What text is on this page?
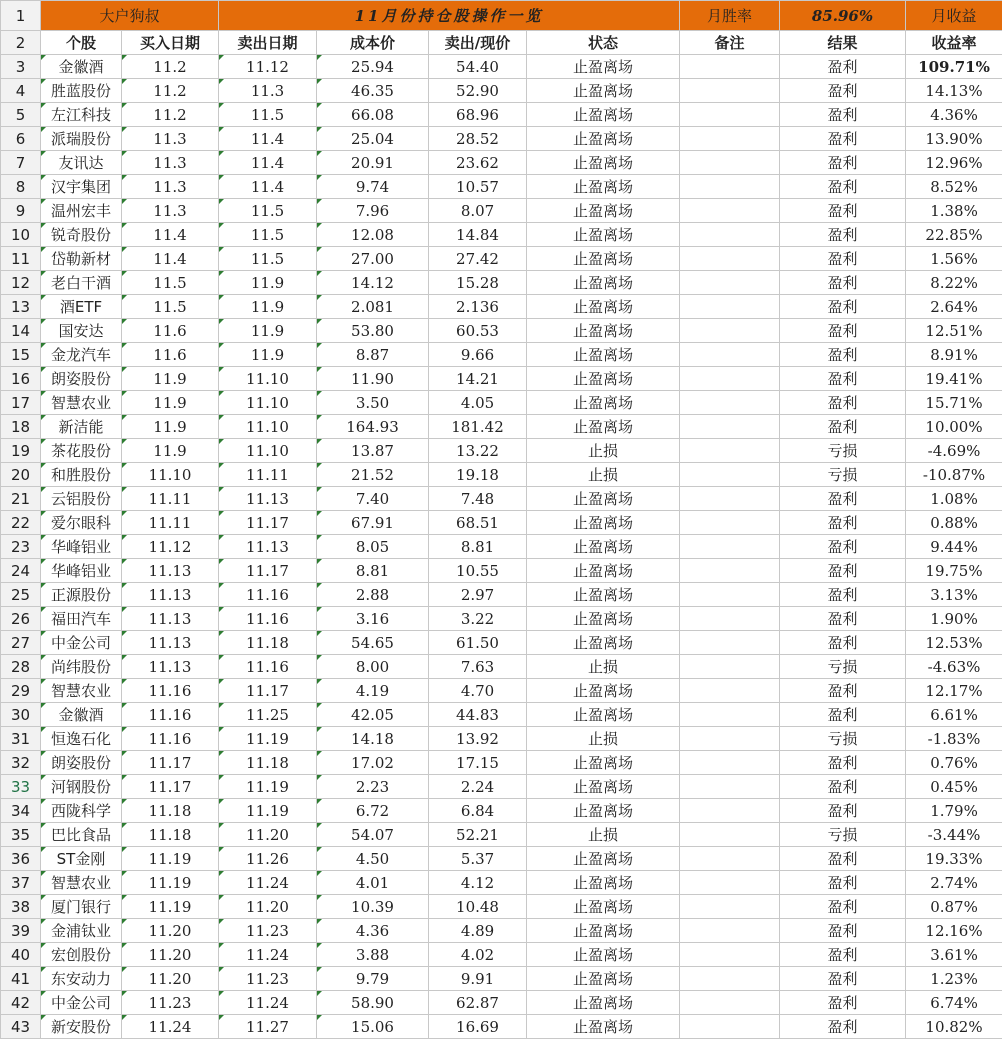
1	大户狗叔		11月份持仓股操作一览				月胜率	85.96%	月收益
2	个股	买入日期	卖出日期	成本价	卖出/现价	状态	备注	结果	收益率
3	金徽酒	11.2	11.12	25.94	54.40	止盈离场		盈利	109.71%
4	胜蓝股份	11.2	11.3	46.35	52.90	止盈离场		盈利	14.13%
5	左江科技	11.2	11.5	66.08	68.96	止盈离场		盈利	4.36%
6	派瑞股份	11.3	11.4	25.04	28.52	止盈离场		盈利	13.90%
7	友讯达	11.3	11.4	20.91	23.62	止盈离场		盈利	12.96%
8	汉宇集团	11.3	11.4	9.74	10.57	止盈离场		盈利	8.52%
9	温州宏丰	11.3	11.5	7.96	8.07	止盈离场		盈利	1.38%
10	锐奇股份	11.4	11.5	12.08	14.84	止盈离场		盈利	22.85%
11	岱勒新材	11.4	11.5	27.00	27.42	止盈离场		盈利	1.56%
12	老白干酒	11.5	11.9	14.12	15.28	止盈离场		盈利	8.22%
13	酒ETF	11.5	11.9	2.081	2.136	止盈离场		盈利	2.64%
14	国安达	11.6	11.9	53.80	60.53	止盈离场		盈利	12.51%
15	金龙汽车	11.6	11.9	8.87	9.66	止盈离场		盈利	8.91%
16	朗姿股份	11.9	11.10	11.90	14.21	止盈离场		盈利	19.41%
17	智慧农业	11.9	11.10	3.50	4.05	止盈离场		盈利	15.71%
18	新洁能	11.9	11.10	164.93	181.42	止盈离场		盈利	10.00%
19	茶花股份	11.9	11.10	13.87	13.22	止损		亏损	-4.69%
20	和胜股份	11.10	11.11	21.52	19.18	止损		亏损	-10.87%
21	云铝股份	11.11	11.13	7.40	7.48	止盈离场		盈利	1.08%
22	爱尔眼科	11.11	11.17	67.91	68.51	止盈离场		盈利	0.88%
23	华峰铝业	11.12	11.13	8.05	8.81	止盈离场		盈利	9.44%
24	华峰铝业	11.13	11.17	8.81	10.55	止盈离场		盈利	19.75%
25	正源股份	11.13	11.16	2.88	2.97	止盈离场		盈利	3.13%
26	福田汽车	11.13	11.16	3.16	3.22	止盈离场		盈利	1.90%
27	中金公司	11.13	11.18	54.65	61.50	止盈离场		盈利	12.53%
28	尚纬股份	11.13	11.16	8.00	7.63	止损		亏损	-4.63%
29	智慧农业	11.16	11.17	4.19	4.70	止盈离场		盈利	12.17%
30	金徽酒	11.16	11.25	42.05	44.83	止盈离场		盈利	6.61%
31	恒逸石化	11.16	11.19	14.18	13.92	止损		亏损	-1.83%
32	朗姿股份	11.17	11.18	17.02	17.15	止盈离场		盈利	0.76%
33	河钢股份	11.17	11.19	2.23	2.24	止盈离场		盈利	0.45%
34	西陇科学	11.18	11.19	6.72	6.84	止盈离场		盈利	1.79%
35	巴比食品	11.18	11.20	54.07	52.21	止损		亏损	-3.44%
36	ST金刚	11.19	11.26	4.50	5.37	止盈离场		盈利	19.33%
37	智慧农业	11.19	11.24	4.01	4.12	止盈离场		盈利	2.74%
38	厦门银行	11.19	11.20	10.39	10.48	止盈离场		盈利	0.87%
39	金浦钛业	11.20	11.23	4.36	4.89	止盈离场		盈利	12.16%
40	宏创股份	11.20	11.24	3.88	4.02	止盈离场		盈利	3.61%
41	东安动力	11.20	11.23	9.79	9.91	止盈离场		盈利	1.23%
42	中金公司	11.23	11.24	58.90	62.87	止盈离场		盈利	6.74%
43	新安股份	11.24	11.27	15.06	16.69	止盈离场		盈利	10.82%
